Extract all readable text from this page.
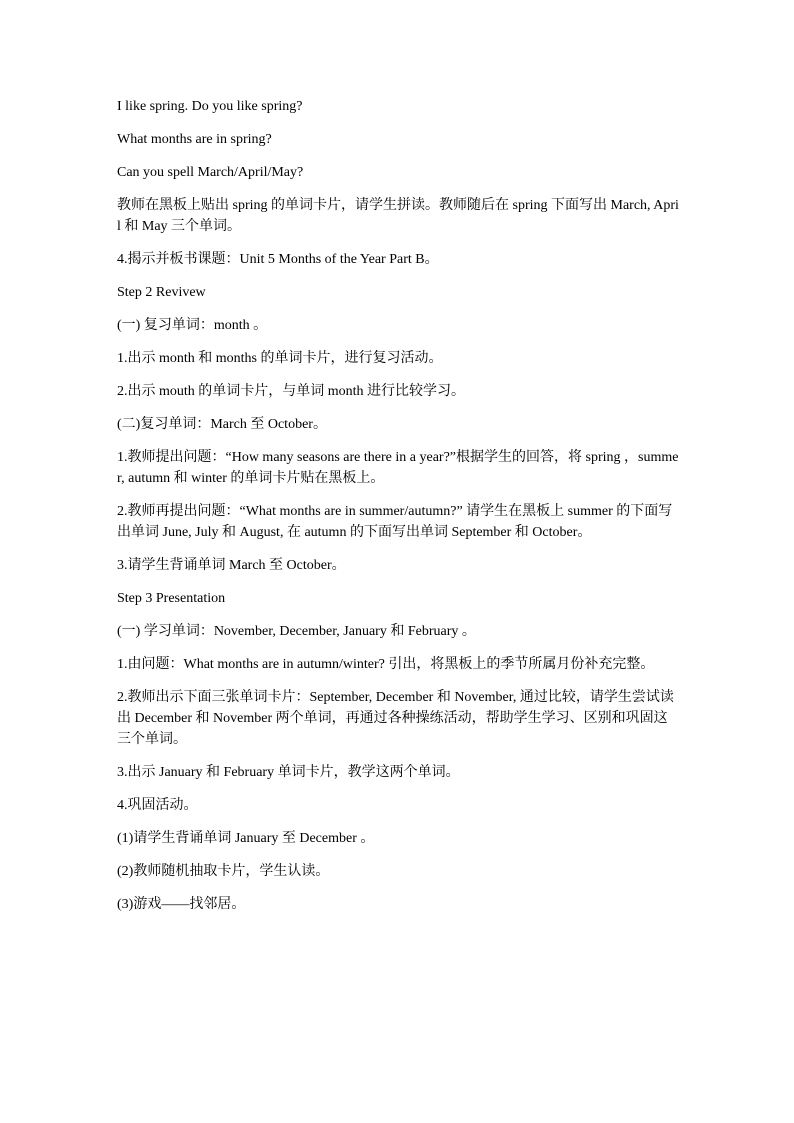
I like spring. Do you like spring?

What months are in spring?

Can you spell March/April/May?

教师在黑板上贴出 spring 的单词卡片，请学生拼读。教师随后在 spring 下面写出 March, April 和 May 三个单词。

4.揭示并板书课题：Unit 5 Months of the Year Part B。

Step 2 Revivew

(一) 复习单词：month 。

1.出示 month 和 months 的单词卡片，进行复习活动。

2.出示 mouth 的单词卡片，与单词 month 进行比较学习。

(二)复习单词：March 至 October。

1.教师提出问题：“How many seasons are there in a year?”根据学生的回答，将 spring ，summer, autumn 和 winter 的单词卡片贴在黑板上。

2.教师再提出问题：“What months are in summer/autumn?” 请学生在黑板上 summer 的下面写出单词 June, July 和 August, 在 autumn 的下面写出单词 September 和 October。

3.请学生背诵单词 March 至 October。

Step 3 Presentation

(一) 学习单词：November, December, January 和 February 。

1.由问题：What months are in autumn/winter? 引出，将黑板上的季节所属月份补充完整。

2.教师出示下面三张单词卡片：September, December 和 November, 通过比较，请学生尝试读出 December 和 November 两个单词，再通过各种操练活动，帮助学生学习、区别和巩固这三个单词。

3.出示 January 和 February 单词卡片，教学这两个单词。

4.巩固活动。

(1)请学生背诵单词 January 至 December 。

(2)教师随机抽取卡片，学生认读。

(3)游戏——找邻居。
